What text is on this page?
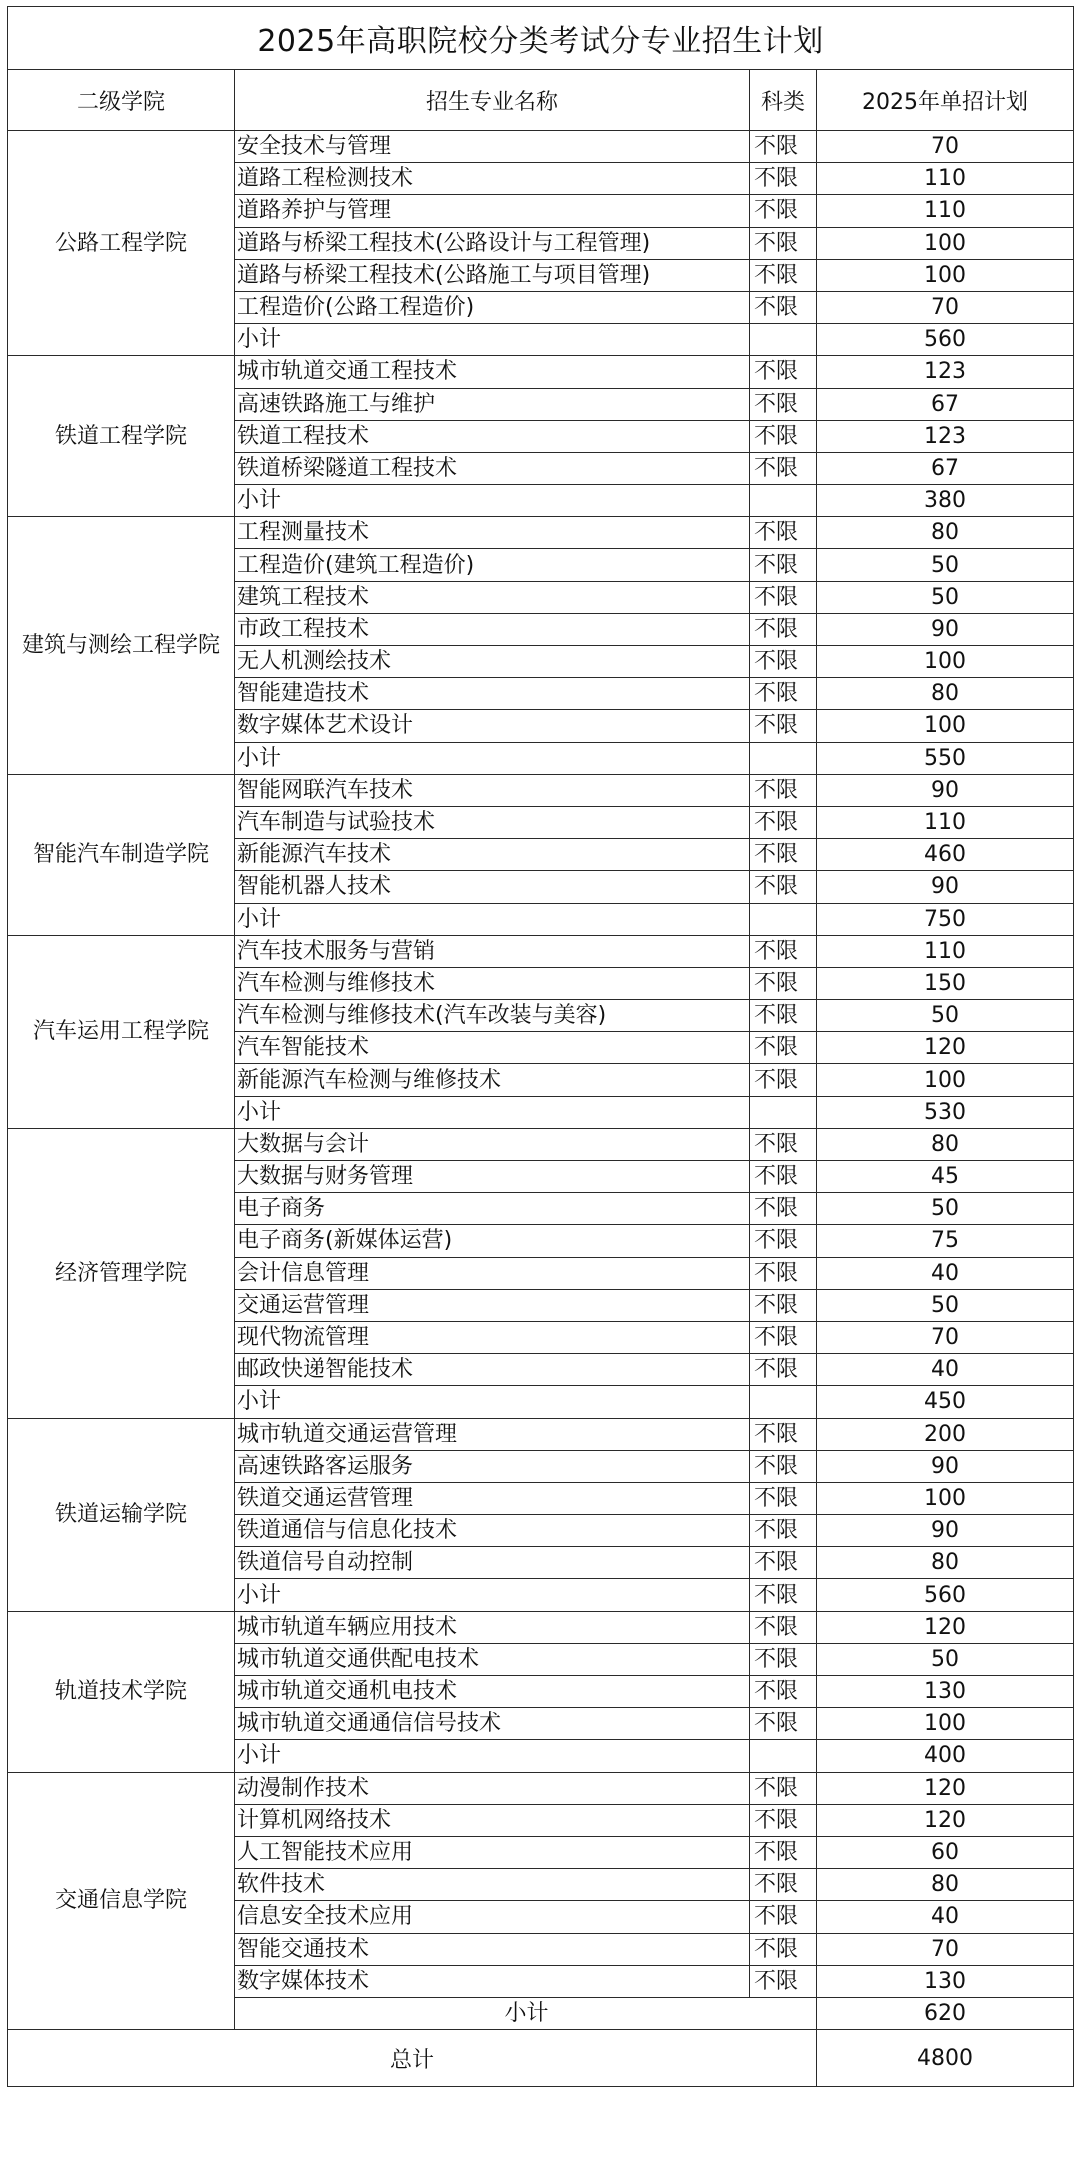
2025年高职院校分类考试分专业招生计划			
二级学院	招生专业名称	科类	2025年单招计划
公路工程学院	安全技术与管理	不限	70
	道路工程检测技术	不限	110
	道路养护与管理	不限	110
	道路与桥梁工程技术(公路设计与工程管理)	不限	100
	道路与桥梁工程技术(公路施工与项目管理)	不限	100
	工程造价(公路工程造价)	不限	70
	小计		560
铁道工程学院	城市轨道交通工程技术	不限	123
	高速铁路施工与维护	不限	67
	铁道工程技术	不限	123
	铁道桥梁隧道工程技术	不限	67
	小计		380
建筑与测绘工程学院	工程测量技术	不限	80
	工程造价(建筑工程造价)	不限	50
	建筑工程技术	不限	50
	市政工程技术	不限	90
	无人机测绘技术	不限	100
	智能建造技术	不限	80
	数字媒体艺术设计	不限	100
	小计		550
智能汽车制造学院	智能网联汽车技术	不限	90
	汽车制造与试验技术	不限	110
	新能源汽车技术	不限	460
	智能机器人技术	不限	90
	小计		750
汽车运用工程学院	汽车技术服务与营销	不限	110
	汽车检测与维修技术	不限	150
	汽车检测与维修技术(汽车改装与美容)	不限	50
	汽车智能技术	不限	120
	新能源汽车检测与维修技术	不限	100
	小计		530
经济管理学院	大数据与会计	不限	80
	大数据与财务管理	不限	45
	电子商务	不限	50
	电子商务(新媒体运营)	不限	75
	会计信息管理	不限	40
	交通运营管理	不限	50
	现代物流管理	不限	70
	邮政快递智能技术	不限	40
	小计		450
铁道运输学院	城市轨道交通运营管理	不限	200
	高速铁路客运服务	不限	90
	铁道交通运营管理	不限	100
	铁道通信与信息化技术	不限	90
	铁道信号自动控制	不限	80
	小计	不限	560
轨道技术学院	城市轨道车辆应用技术	不限	120
	城市轨道交通供配电技术	不限	50
	城市轨道交通机电技术	不限	130
	城市轨道交通通信信号技术	不限	100
	小计		400
交通信息学院	动漫制作技术	不限	120
	计算机网络技术	不限	120
	人工智能技术应用	不限	60
	软件技术	不限	80
	信息安全技术应用	不限	40
	智能交通技术	不限	70
	数字媒体技术	不限	130
	小计		620
总计			4800
